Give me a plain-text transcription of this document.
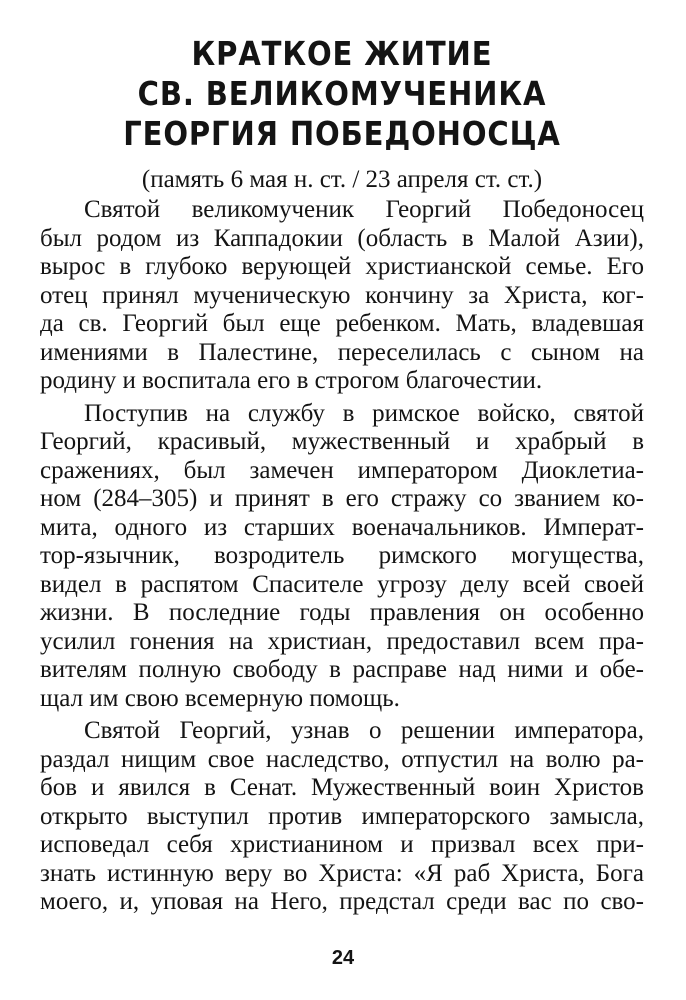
КРАТКОЕ ЖИТИЕ
СВ. ВЕЛИКОМУЧЕНИКА
ГЕОРГИЯ ПОБЕДОНОСЦА
(память 6 мая н. ст. / 23 апреля ст. ст.)
Святой великомученик Георгий Победоносец
был родом из Каппадокии (область в Малой Азии),
вырос в глубоко верующей христианской семье. Его
отец принял мученическую кончину за Христа, ког-
да св. Георгий был еще ребенком. Мать, владевшая
имениями в Палестине, переселилась с сыном на
родину и воспитала его в строгом благочестии.
Поступив на службу в римское войско, святой
Георгий, красивый, мужественный и храбрый в
сражениях, был замечен императором Диоклетиа-
ном (284–305) и принят в его стражу со званием ко-
мита, одного из старших военачальников. Императ-
тор-язычник, возродитель римского могущества,
видел в распятом Спасителе угрозу делу всей своей
жизни. В последние годы правления он особенно
усилил гонения на христиан, предоставил всем пра-
вителям полную свободу в расправе над ними и обе-
щал им свою всемерную помощь.
Святой Георгий, узнав о решении императора,
раздал нищим свое наследство, отпустил на волю ра-
бов и явился в Сенат. Мужественный воин Христов
открыто выступил против императорского замысла,
исповедал себя христианином и призвал всех при-
знать истинную веру во Христа: «Я раб Христа, Бога
моего, и, уповая на Него, предстал среди вас по сво-
24
